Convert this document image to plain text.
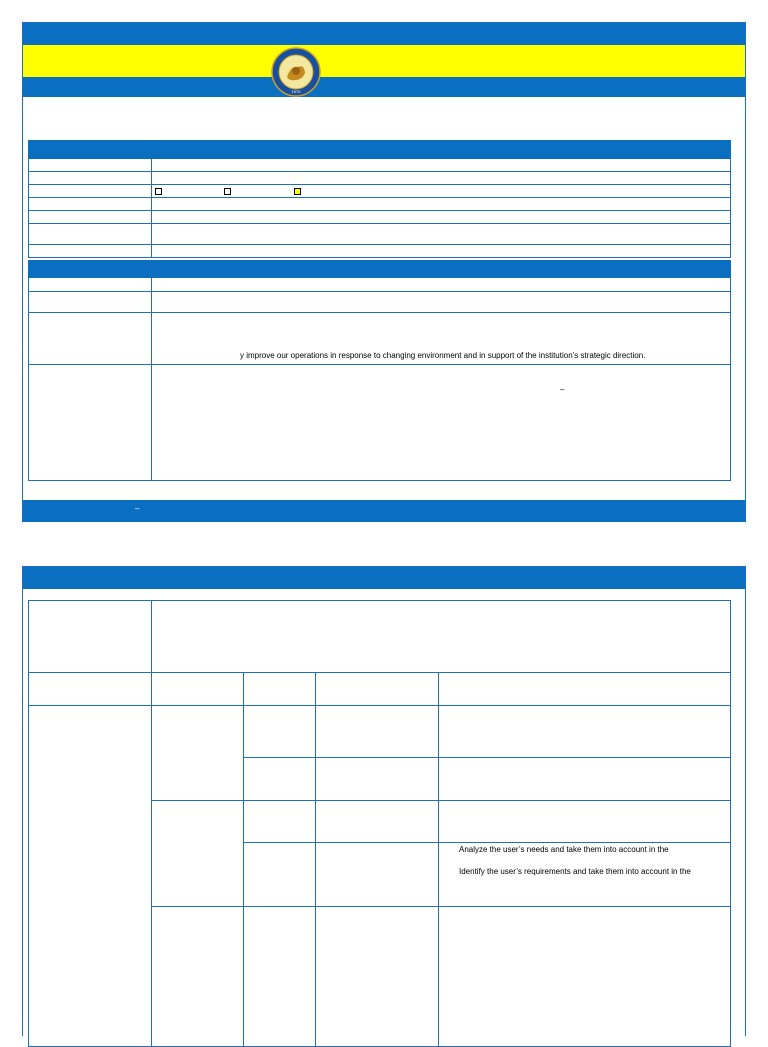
1970

	y improve our operations in response to changing environment and in support of the institution’s strategic direction.

–
–

				Analyze the user’s needs and take them into account in the
Identify the user’s requirements and take them into account in the
